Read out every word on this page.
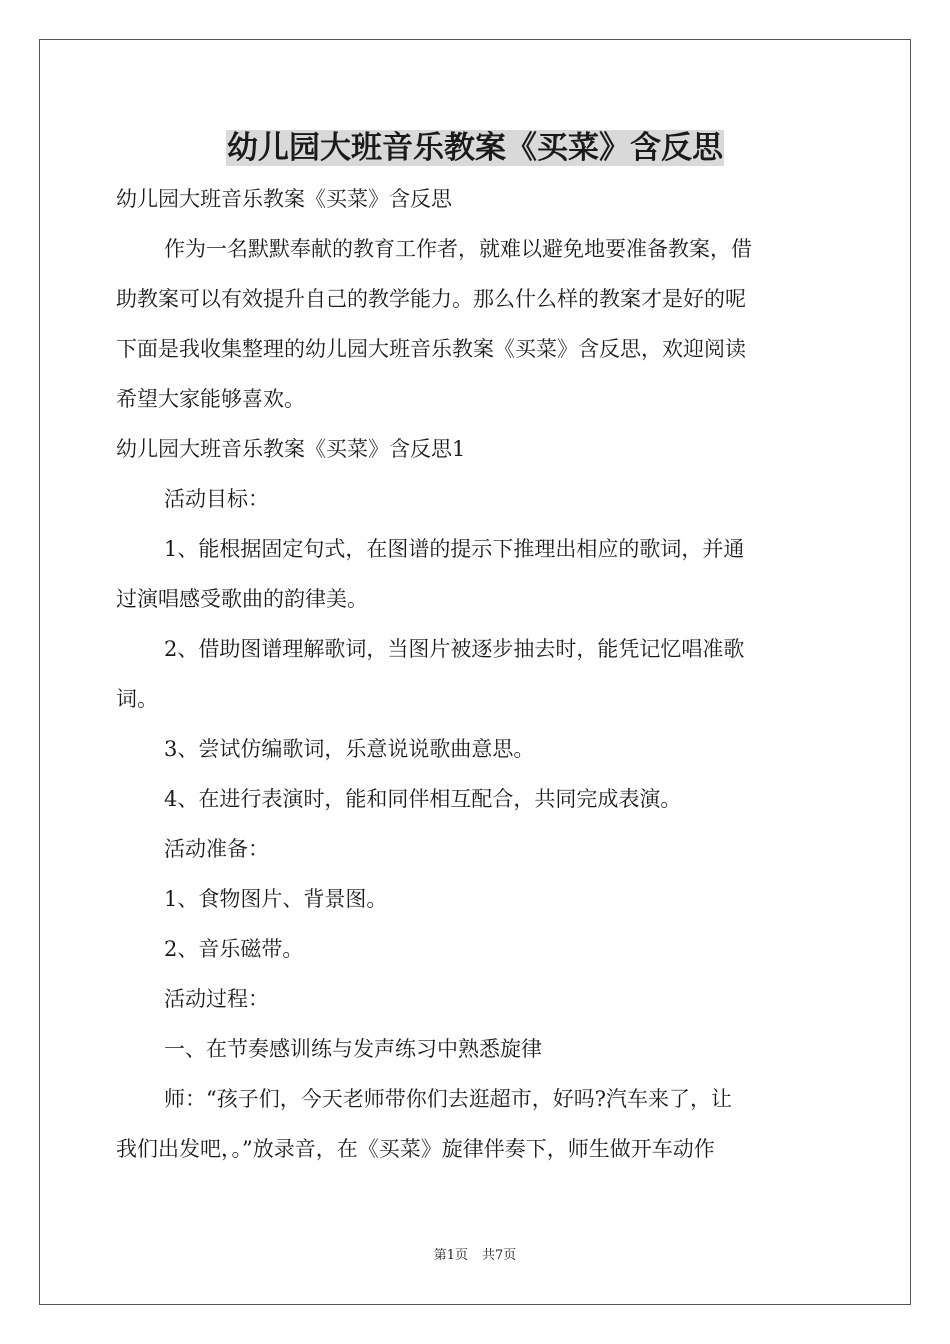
幼儿园大班音乐教案《买菜》含反思
幼儿园大班音乐教案《买菜》含反思
作为一名默默奉献的教育工作者，就难以避免地要准备教案，借
助教案可以有效提升自己的教学能力。那么什么样的教案才是好的呢
下面是我收集整理的幼儿园大班音乐教案《买菜》含反思，欢迎阅读
希望大家能够喜欢。
幼儿园大班音乐教案《买菜》含反思1
活动目标：
1、能根据固定句式，在图谱的提示下推理出相应的歌词，并通
过演唱感受歌曲的韵律美。
2、借助图谱理解歌词，当图片被逐步抽去时，能凭记忆唱准歌
词。
3、尝试仿编歌词，乐意说说歌曲意思。
4、在进行表演时，能和同伴相互配合，共同完成表演。
活动准备：
1、食物图片、背景图。
2、音乐磁带。
活动过程：
一、在节奏感训练与发声练习中熟悉旋律
师：“孩子们，今天老师带你们去逛超市，好吗?汽车来了，让
我们出发吧，。”放录音，在《买菜》旋律伴奏下，师生做开车动作
第1页 共7页
